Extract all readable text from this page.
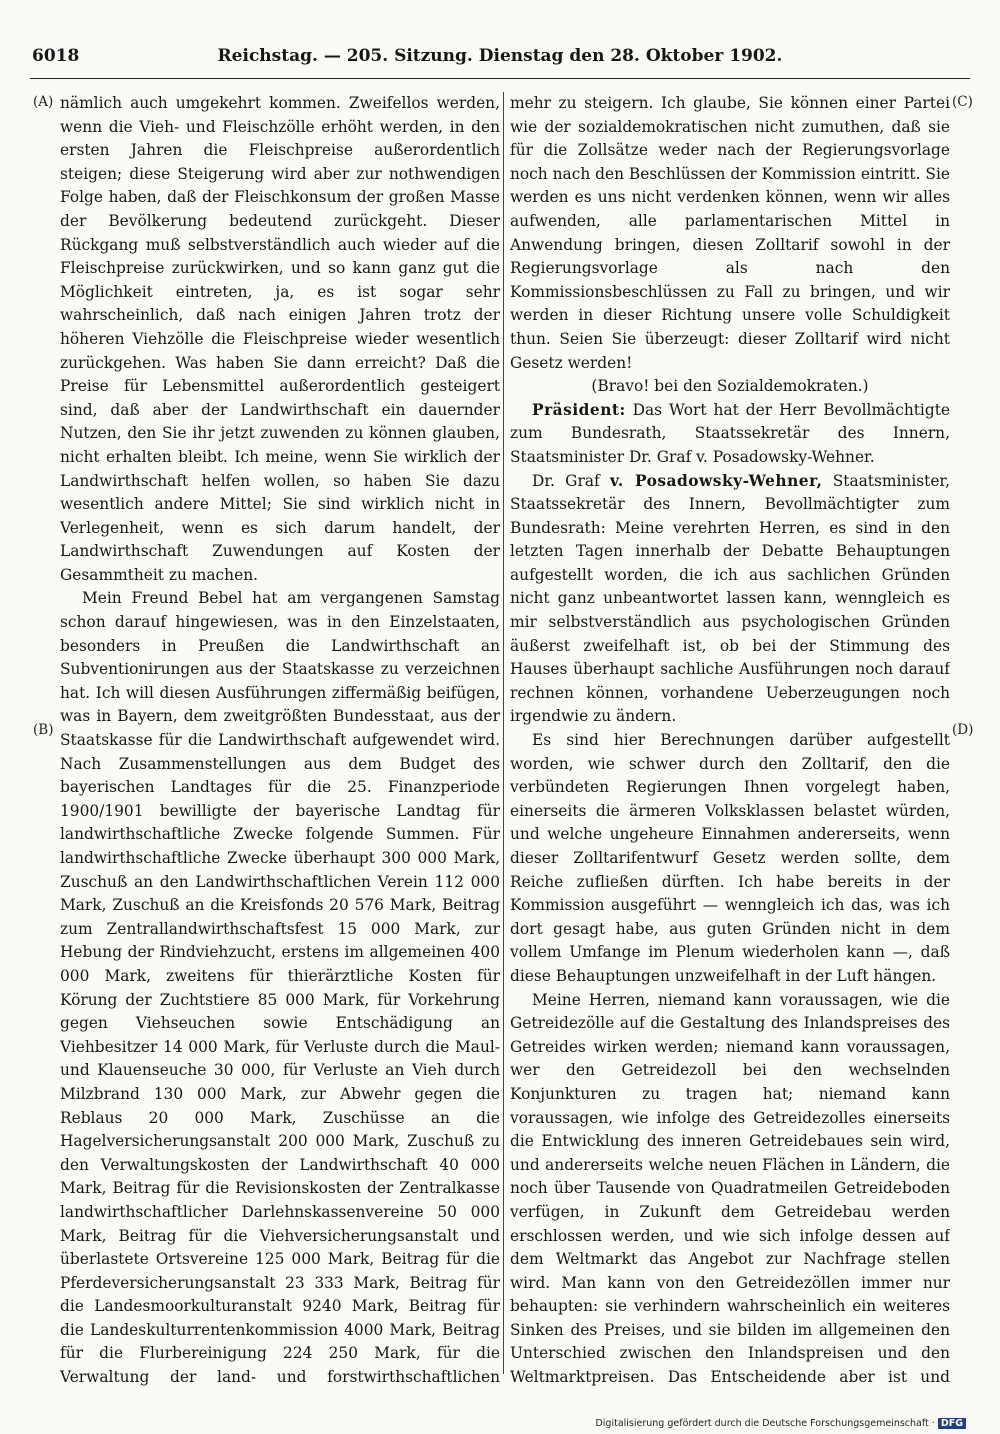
6018	Reichstag. — 205. Sitzung. Dienstag den 28. Oktober 1902.
(A)
(B)
(C)
(D)

nämlich auch umgekehrt kommen. Zweifellos werden, wenn die Vieh- und Fleischzölle erhöht werden, in den ersten Jahren die Fleischpreise außerordentlich steigen; diese Steigerung wird aber zur nothwendigen Folge haben, daß der Fleischkonsum der großen Masse der Bevölkerung bedeutend zurückgeht. Dieser Rückgang muß selbstverständlich auch wieder auf die Fleischpreise zurückwirken, und so kann ganz gut die Möglichkeit eintreten, ja, es ist sogar sehr wahrscheinlich, daß nach einigen Jahren trotz der höheren Viehzölle die Fleischpreise wieder wesentlich zurückgehen. Was haben Sie dann erreicht? Daß die Preise für Lebensmittel außerordentlich gesteigert sind, daß aber der Landwirthschaft ein dauernder Nutzen, den Sie ihr jetzt zuwenden zu können glauben, nicht erhalten bleibt. Ich meine, wenn Sie wirklich der Landwirthschaft helfen wollen, so haben Sie dazu wesentlich andere Mittel; Sie sind wirklich nicht in Verlegenheit, wenn es sich darum handelt, der Landwirthschaft Zuwendungen auf Kosten der Gesammtheit zu machen.

Mein Freund Bebel hat am vergangenen Samstag schon darauf hingewiesen, was in den Einzelstaaten, besonders in Preußen die Landwirthschaft an Subventionirungen aus der Staatskasse zu verzeichnen hat. Ich will diesen Ausführungen ziffermäßig beifügen, was in Bayern, dem zweitgrößten Bundesstaat, aus der Staatskasse für die Landwirthschaft aufgewendet wird. Nach Zusammenstellungen aus dem Budget des bayerischen Landtages für die 25. Finanzperiode 1900/1901 bewilligte der bayerische Landtag für landwirthschaftliche Zwecke folgende Summen. Für landwirthschaftliche Zwecke überhaupt 300 000 Mark, Zuschuß an den Landwirthschaftlichen Verein 112 000 Mark, Zuschuß an die Kreisfonds 20 576 Mark, Beitrag zum Zentrallandwirthschaftsfest 15 000 Mark, zur Hebung der Rindviehzucht, erstens im allgemeinen 400 000 Mark, zweitens für thierärztliche Kosten für Körung der Zuchtstiere 85 000 Mark, für Vorkehrung gegen Viehseuchen sowie Entschädigung an Viehbesitzer 14 000 Mark, für Verluste durch die Maul- und Klauenseuche 30 000, für Verluste an Vieh durch Milzbrand 130 000 Mark, zur Abwehr gegen die Reblaus 20 000 Mark, Zuschüsse an die Hagelversicherungsanstalt 200 000 Mark, Zuschuß zu den Verwaltungskosten der Landwirthschaft 40 000 Mark, Beitrag für die Revisionskosten der Zentralkasse landwirthschaftlicher Darlehnskassenvereine 50 000 Mark, Beitrag für die Viehversicherungsanstalt und überlastete Ortsvereine 125 000 Mark, Beitrag für die Pferdeversicherungsanstalt 23 333 Mark, Beitrag für die Landesmoorkulturanstalt 9240 Mark, Beitrag für die Landeskulturrentenkommission 4000 Mark, Beitrag für die Flurbereinigung 224 250 Mark, für die Verwaltung der land- und forstwirthschaftlichen

mehr zu steigern. Ich glaube, Sie können einer Partei wie der sozialdemokratischen nicht zumuthen, daß sie für die Zollsätze weder nach der Regierungsvorlage noch nach den Beschlüssen der Kommission eintritt. Sie werden es uns nicht verdenken können, wenn wir alles aufwenden, alle parlamentarischen Mittel in Anwendung bringen, diesen Zolltarif sowohl in der Regierungsvorlage als nach den Kommissionsbeschlüssen zu Fall zu bringen, und wir werden in dieser Richtung unsere volle Schuldigkeit thun. Seien Sie überzeugt: dieser Zolltarif wird nicht Gesetz werden!

(Bravo! bei den Sozialdemokraten.)

Präsident: Das Wort hat der Herr Bevollmächtigte zum Bundesrath, Staatssekretär des Innern, Staatsminister Dr. Graf v. Posadowsky-Wehner.

Dr. Graf v. Posadowsky-Wehner, Staatsminister, Staatssekretär des Innern, Bevollmächtigter zum Bundesrath: Meine verehrten Herren, es sind in den letzten Tagen innerhalb der Debatte Behauptungen aufgestellt worden, die ich aus sachlichen Gründen nicht ganz unbeantwortet lassen kann, wenngleich es mir selbstverständlich aus psychologischen Gründen äußerst zweifelhaft ist, ob bei der Stimmung des Hauses überhaupt sachliche Ausführungen noch darauf rechnen können, vorhandene Ueberzeugungen noch irgendwie zu ändern.

Es sind hier Berechnungen darüber aufgestellt worden, wie schwer durch den Zolltarif, den die verbündeten Regierungen Ihnen vorgelegt haben, einerseits die ärmeren Volksklassen belastet würden, und welche ungeheure Einnahmen andererseits, wenn dieser Zolltarifentwurf Gesetz werden sollte, dem Reiche zufließen dürften. Ich habe bereits in der Kommission ausgeführt — wenngleich ich das, was ich dort gesagt habe, aus guten Gründen nicht in dem vollem Umfange im Plenum wiederholen kann —, daß diese Behauptungen unzweifelhaft in der Luft hängen.

Meine Herren, niemand kann voraussagen, wie die Getreidezölle auf die Gestaltung des Inlandspreises des Getreides wirken werden; niemand kann voraussagen, wer den Getreidezoll bei den wechselnden Konjunkturen zu tragen hat; niemand kann voraussagen, wie infolge des Getreidezolles einerseits die Entwicklung des inneren Getreidebaues sein wird, und andererseits welche neuen Flächen in Ländern, die noch über Tausende von Quadratmeilen Getreideboden verfügen, in Zukunft dem Getreidebau werden erschlossen werden, und wie sich infolge dessen auf dem Weltmarkt das Angebot zur Nachfrage stellen wird. Man kann von den Getreidezöllen immer nur behaupten: sie verhindern wahrscheinlich ein weiteres Sinken des Preises, und sie bilden im allgemeinen den Unterschied zwischen den Inlandspreisen und den Weltmarktpreisen. Das Entscheidende aber ist und

Digitalisierung gefördert durch die Deutsche Forschungsgemeinschaft · DFG
